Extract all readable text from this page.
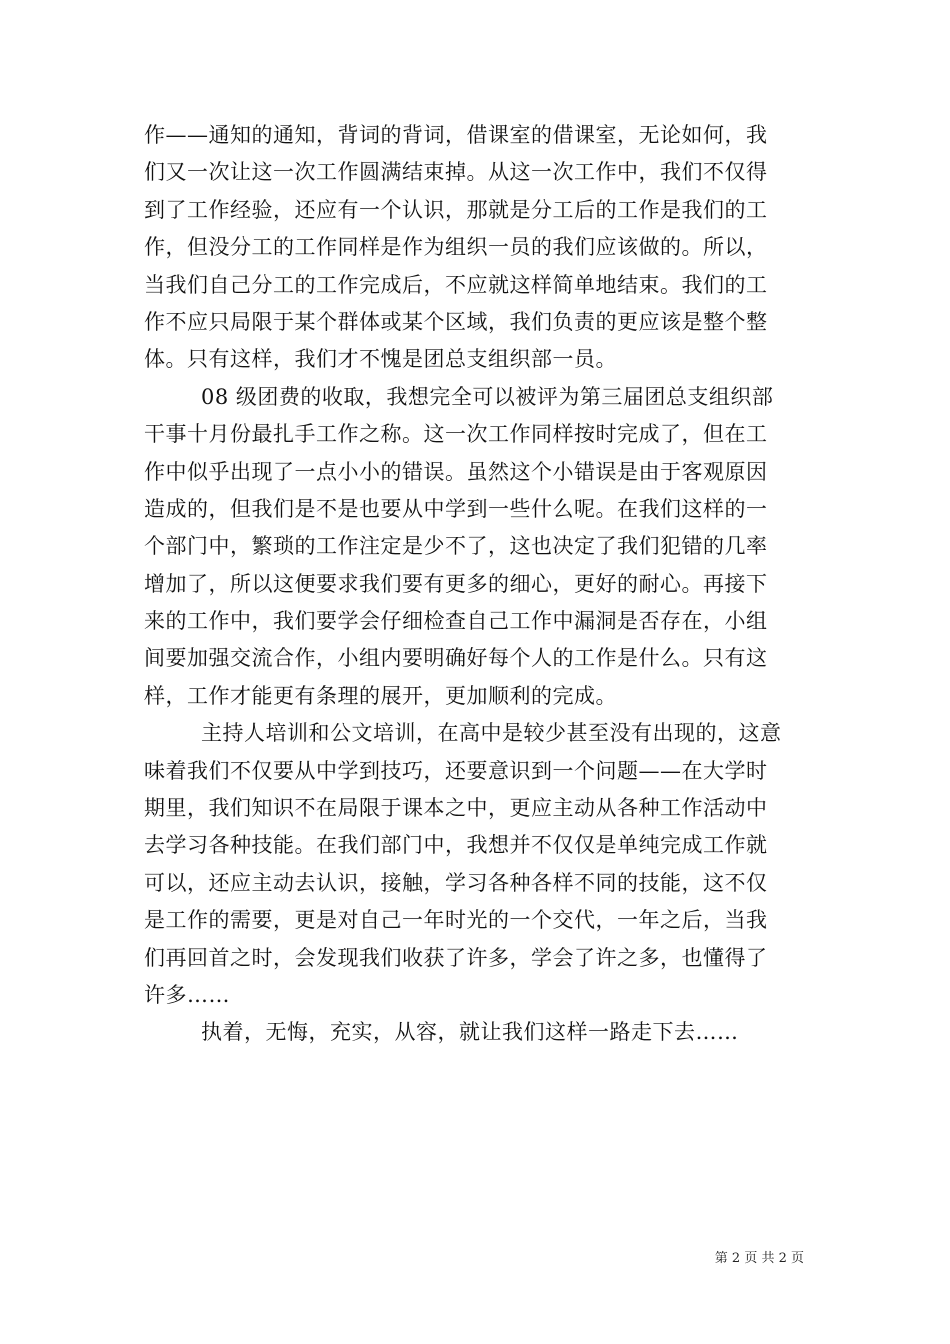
作——通知的通知，背词的背词，借课室的借课室，无论如何，我
们又一次让这一次工作圆满结束掉。从这一次工作中，我们不仅得
到了工作经验，还应有一个认识，那就是分工后的工作是我们的工
作，但没分工的工作同样是作为组织一员的我们应该做的。所以，
当我们自己分工的工作完成后，不应就这样简单地结束。我们的工
作不应只局限于某个群体或某个区域，我们负责的更应该是整个整
体。只有这样，我们才不愧是团总支组织部一员。
08 级团费的收取，我想完全可以被评为第三届团总支组织部
干事十月份最扎手工作之称。这一次工作同样按时完成了，但在工
作中似乎出现了一点小小的错误。虽然这个小错误是由于客观原因
造成的，但我们是不是也要从中学到一些什么呢。在我们这样的一
个部门中，繁琐的工作注定是少不了，这也决定了我们犯错的几率
增加了，所以这便要求我们要有更多的细心，更好的耐心。再接下
来的工作中，我们要学会仔细检查自己工作中漏洞是否存在，小组
间要加强交流合作，小组内要明确好每个人的工作是什么。只有这
样，工作才能更有条理的展开，更加顺利的完成。
主持人培训和公文培训，在高中是较少甚至没有出现的，这意
味着我们不仅要从中学到技巧，还要意识到一个问题——在大学时
期里，我们知识不在局限于课本之中，更应主动从各种工作活动中
去学习各种技能。在我们部门中，我想并不仅仅是单纯完成工作就
可以，还应主动去认识，接触，学习各种各样不同的技能，这不仅
是工作的需要，更是对自己一年时光的一个交代，一年之后，当我
们再回首之时，会发现我们收获了许多，学会了许之多，也懂得了
许多……
执着，无悔，充实，从容，就让我们这样一路走下去……
第 2 页 共 2 页
